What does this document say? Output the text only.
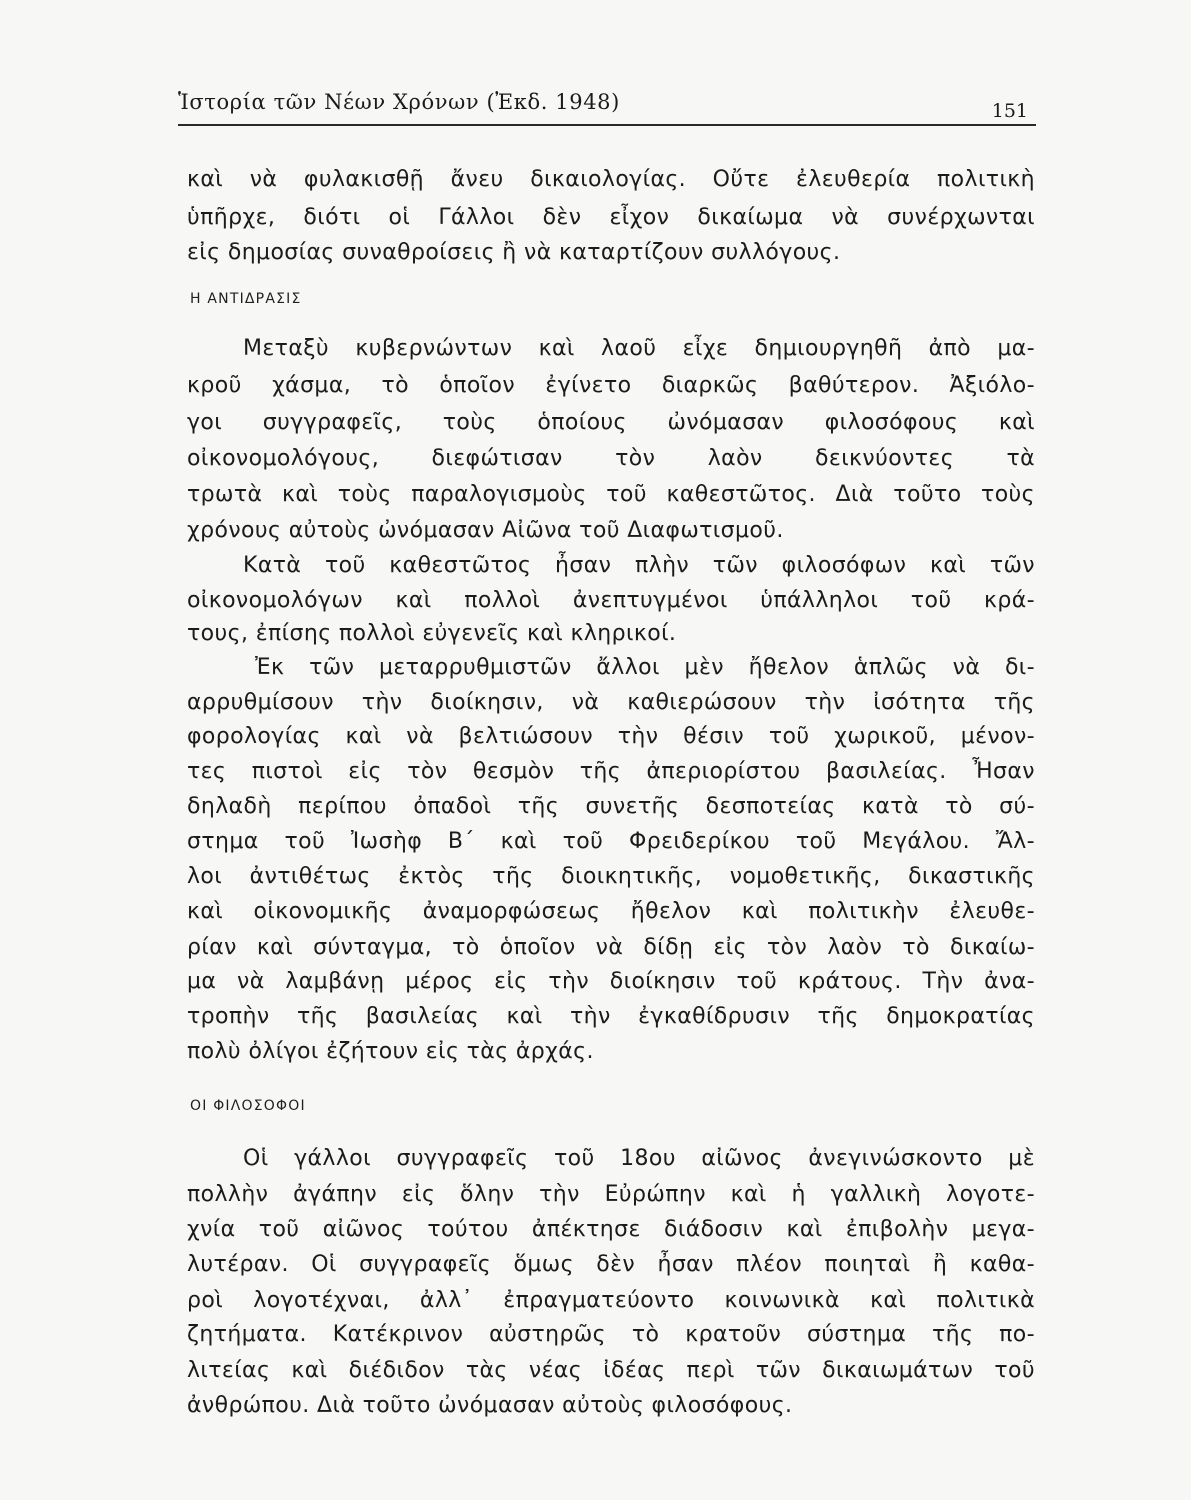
Ἱστορία τῶν Νέων Χρόνων (Ἐκδ. 1948)	151
καὶ νὰ φυλακισθῇ ἄνευ δικαιολογίας. Οὔτε ἐλευθερία πολιτικὴ
ὑπῆρχε, διότι οἱ Γάλλοι δὲν εἶχον δικαίωμα νὰ συνέρχωνται
εἰς δημοσίας συναθροίσεις ἢ νὰ καταρτίζουν συλλόγους.
Η ΑΝΤΙΔΡΑΣΙΣ
Μεταξὺ κυβερνώντων καὶ λαοῦ εἶχε δημιουργηθῆ ἀπὸ μα-
κροῦ χάσμα, τὸ ὁποῖον ἐγίνετο διαρκῶς βαθύτερον. Ἀξιόλο-
γοι συγγραφεῖς, τοὺς ὁποίους ὠνόμασαν φιλοσόφους καὶ
οἰκονομολόγους, διεφώτισαν τὸν λαὸν δεικνύοντες τὰ
τρωτὰ καὶ τοὺς παραλογισμοὺς τοῦ καθεστῶτος. Διὰ τοῦτο τοὺς
χρόνους αὐτοὺς ὠνόμασαν Αἰῶνα τοῦ Διαφωτισμοῦ.
Κατὰ τοῦ καθεστῶτος ἦσαν πλὴν τῶν φιλοσόφων καὶ τῶν
οἰκονομολόγων καὶ πολλοὶ ἀνεπτυγμένοι ὑπάλληλοι τοῦ κρά-
τους, ἐπίσης πολλοὶ εὐγενεῖς καὶ κληρικοί.
Ἐκ τῶν μεταρρυθμιστῶν ἄλλοι μὲν ἤθελον ἁπλῶς νὰ δι-
αρρυθμίσουν τὴν διοίκησιν, νὰ καθιερώσουν τὴν ἰσότητα τῆς
φορολογίας καὶ νὰ βελτιώσουν τὴν θέσιν τοῦ χωρικοῦ, μένον-
τες πιστοὶ εἰς τὸν θεσμὸν τῆς ἀπεριορίστου βασιλείας. Ἦσαν
δηλαδὴ περίπου ὀπαδοὶ τῆς συνετῆς δεσποτείας κατὰ τὸ σύ-
στημα τοῦ Ἰωσὴφ Β΄ καὶ τοῦ Φρειδερίκου τοῦ Μεγάλου. Ἄλ-
λοι ἀντιθέτως ἐκτὸς τῆς διοικητικῆς, νομοθετικῆς, δικαστικῆς
καὶ οἰκονομικῆς ἀναμορφώσεως ἤθελον καὶ πολιτικὴν ἐλευθε-
ρίαν καὶ σύνταγμα, τὸ ὁποῖον νὰ δίδῃ εἰς τὸν λαὸν τὸ δικαίω-
μα νὰ λαμβάνῃ μέρος εἰς τὴν διοίκησιν τοῦ κράτους. Τὴν ἀνα-
τροπὴν τῆς βασιλείας καὶ τὴν ἐγκαθίδρυσιν τῆς δημοκρατίας
πολὺ ὀλίγοι ἐζήτουν εἰς τὰς ἀρχάς.
ΟΙ ΦΙΛΟΣΟΦΟΙ
Οἱ γάλλοι συγγραφεῖς τοῦ 18ου αἰῶνος ἀνεγινώσκοντο μὲ
πολλὴν ἀγάπην εἰς ὅλην τὴν Εὐρώπην καὶ ἡ γαλλικὴ λογοτε-
χνία τοῦ αἰῶνος τούτου ἀπέκτησε διάδοσιν καὶ ἐπιβολὴν μεγα-
λυτέραν. Οἱ συγγραφεῖς ὅμως δὲν ἦσαν πλέον ποιηταὶ ἢ καθα-
ροὶ λογοτέχναι, ἀλλ᾽ ἐπραγματεύοντο κοινωνικὰ καὶ πολιτικὰ
ζητήματα. Κατέκρινον αὐστηρῶς τὸ κρατοῦν σύστημα τῆς πο-
λιτείας καὶ διέδιδον τὰς νέας ἰδέας περὶ τῶν δικαιωμάτων τοῦ
ἀνθρώπου. Διὰ τοῦτο ὠνόμασαν αὐτοὺς φιλοσόφους.
